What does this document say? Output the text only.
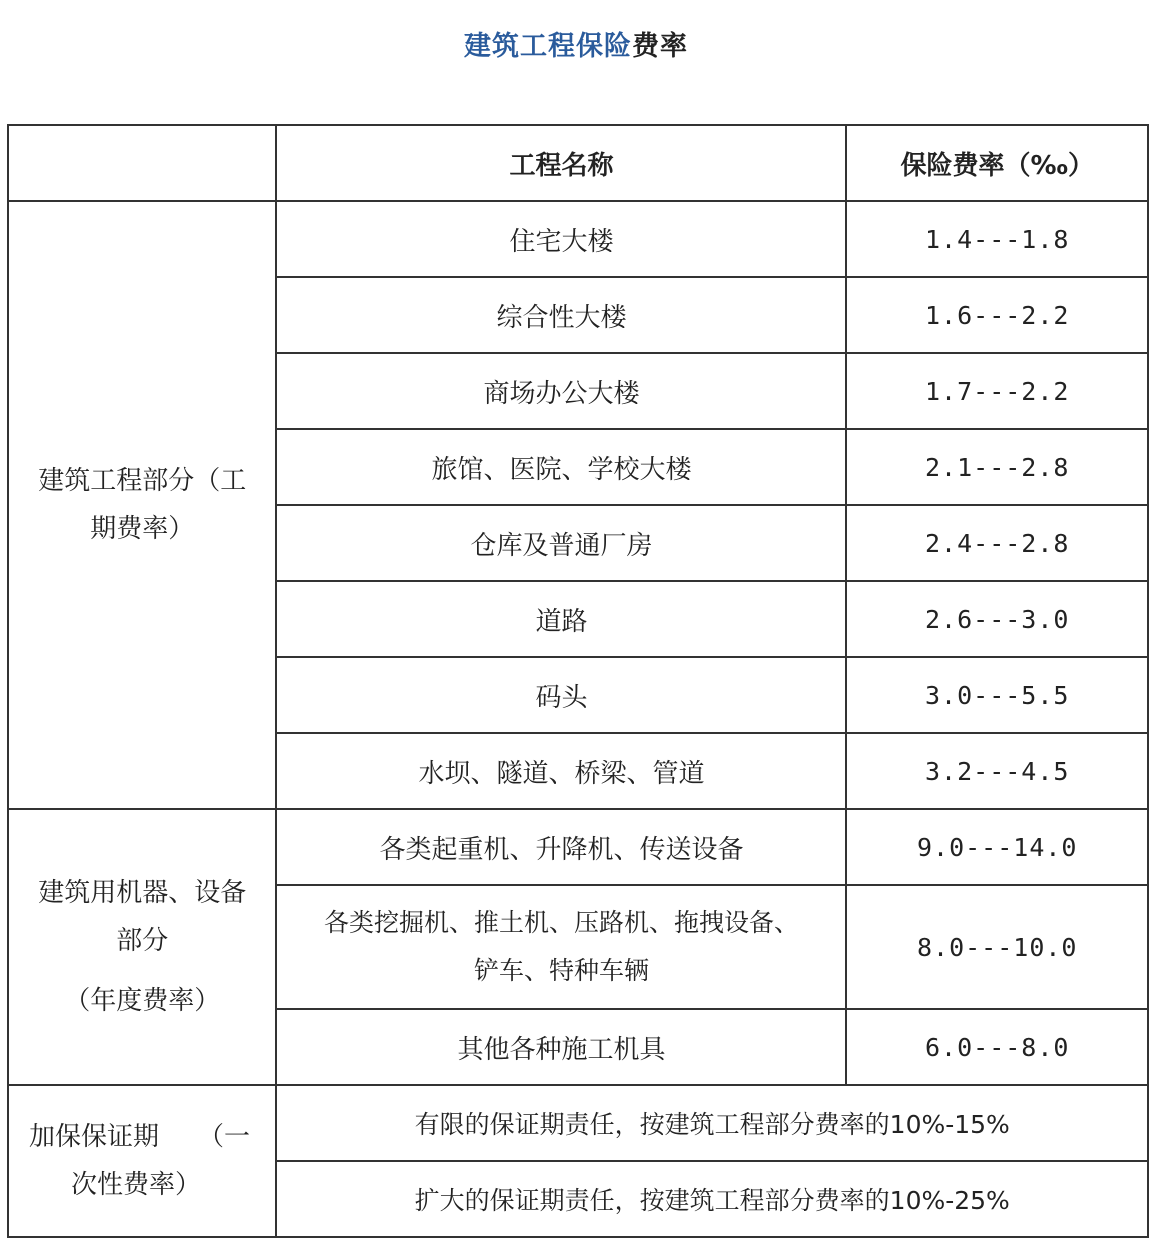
建筑工程保险费率
	工程名称	保险费率（‰）
建筑工程部分（工期费率）	住宅大楼	1.4---1.8
	综合性大楼	1.6---2.2
	商场办公大楼	1.7---2.2
	旅馆、医院、学校大楼	2.1---2.8
	仓库及普通厂房	2.4---2.8
	道路	2.6---3.0
	码头	3.0---5.5
	水坝、隧道、桥梁、管道	3.2---4.5

建筑用机器、设备
部分
（年度费率）	各类起重机、升降机、传送设备	9.0---14.0

	各类挖掘机、推土机、压路机、拖拽设备、
铲车、特种车辆	8.0---10.0
	其他各种施工机具	6.0---8.0

加保保证期　　（一
次性费率）	有限的保证期责任，按建筑工程部分费率的10%-15%	
	扩大的保证期责任，按建筑工程部分费率的10%-25%	
